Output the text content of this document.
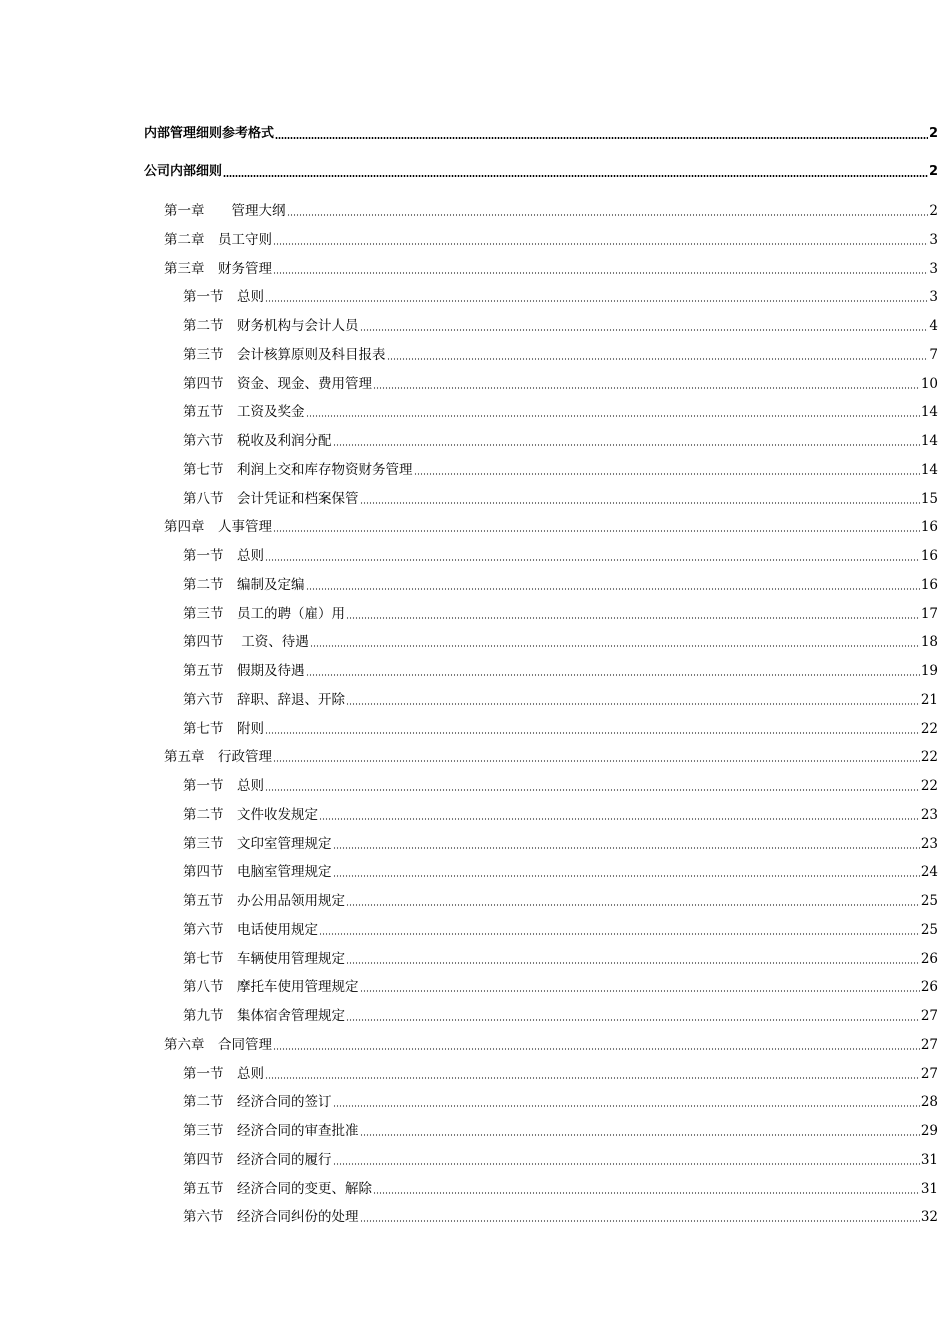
内部管理细则参考格式	2
公司内部细则	2
第一章　　管理大纲	2
第二章　员工守则	3
第三章　财务管理	3
第一节　总则	3
第二节　财务机构与会计人员	4
第三节　会计核算原则及科目报表	7
第四节　资金、现金、费用管理	10
第五节　工资及奖金	14
第六节　税收及利润分配	14
第七节　利润上交和库存物资财务管理	14
第八节　会计凭证和档案保管	15
第四章　人事管理	16
第一节　总则	16
第二节　编制及定编	16
第三节　员工的聘（雇）用	17
第四节　 工资、待遇	18
第五节　假期及待遇	19
第六节　辞职、辞退、开除	21
第七节　附则	22
第五章　行政管理	22
第一节　总则	22
第二节　文件收发规定	23
第三节　文印室管理规定	23
第四节　电脑室管理规定	24
第五节　办公用品领用规定	25
第六节　电话使用规定	25
第七节　车辆使用管理规定	26
第八节　摩托车使用管理规定	26
第九节　集体宿舍管理规定	27
第六章　合同管理	27
第一节　总则	27
第二节　经济合同的签订	28
第三节　经济合同的审查批准	29
第四节　经济合同的履行	31
第五节　经济合同的变更、解除	31
第六节　经济合同纠份的处理	32
